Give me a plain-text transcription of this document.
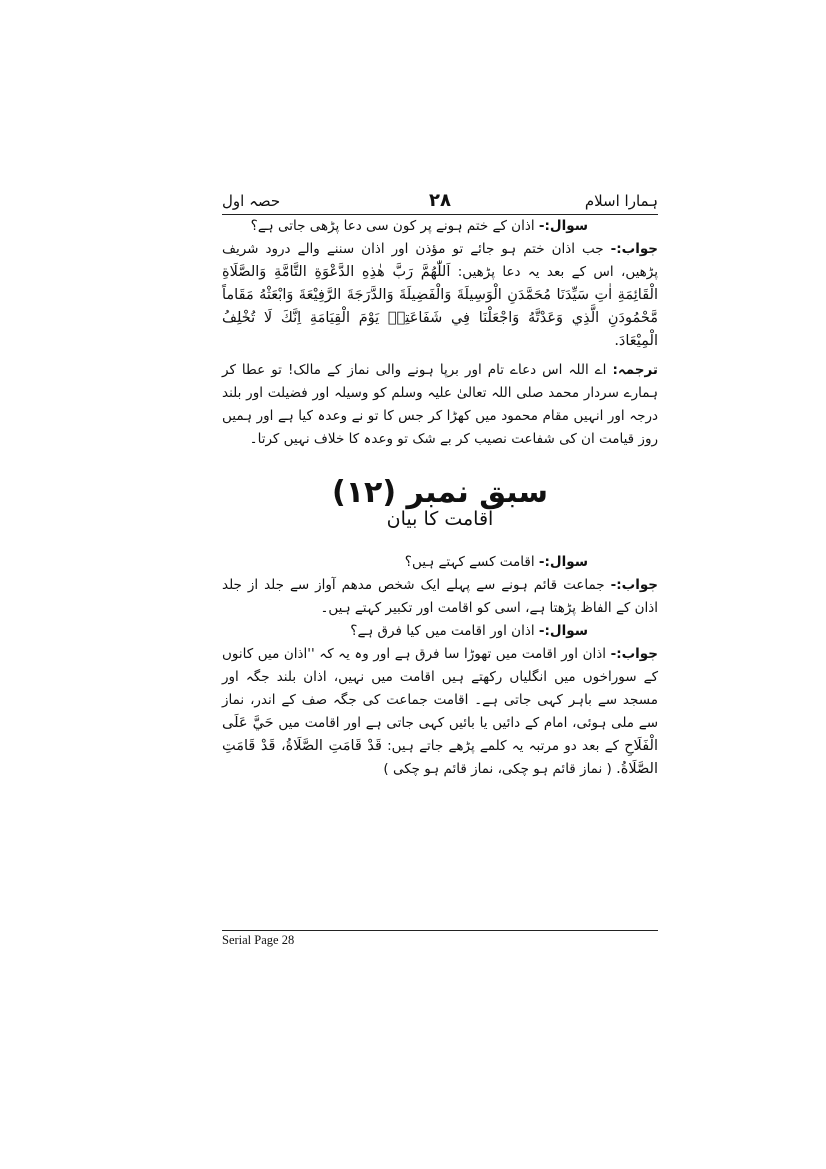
ہمارا اسلام
۲۸
حصہ اول

سوال:- اذان کے ختم ہونے پر کون سی دعا پڑھی جاتی ہے؟

جواب:- جب اذان ختم ہو جائے تو مؤذن اور اذان سننے والے درود شریف پڑھیں، اس کے بعد یہ دعا پڑھیں: اَللّٰهُمَّ رَبَّ هٰذِهِ الدَّعْوَةِ التَّامَّةِ وَالصَّلَاةِ الْقَائِمَةِ اٰتِ سَيِّدَنَا مُحَمَّدَنِ الْوَسِيلَةَ وَالْفَضِيلَةَ وَالدَّرَجَةَ الرَّفِيْعَةَ وَابْعَثْهُ مَقَاماً مَّحْمُودَنِ الَّذِي وَعَدْتَّهُ وَاجْعَلْنَا فِي شَفَاعَتِهٖ يَوْمَ الْقِيَامَةِ اِنَّكَ لَا تُخْلِفُ الْمِيْعَادَ.

ترجمہ: اے اللہ اس دعاے تام اور برپا ہونے والی نماز کے مالک! تو عطا کر ہمارے سردار محمد صلی اللہ تعالیٰ علیہ وسلم کو وسیلہ اور فضیلت اور بلند درجہ اور انہیں مقام محمود میں کھڑا کر جس کا تو نے وعدہ کیا ہے اور ہمیں روز قیامت ان کی شفاعت نصیب کر بے شک تو وعدہ کا خلاف نہیں کرتا۔

سبق نمبر (۱۲)
اقامت کا بیان

سوال:- اقامت کسے کہتے ہیں؟

جواب:- جماعت قائم ہونے سے پہلے ایک شخص مدھم آواز سے جلد از جلد اذان کے الفاظ پڑھتا ہے، اسی کو اقامت اور تکبیر کہتے ہیں۔

سوال:- اذان اور اقامت میں کیا فرق ہے؟

جواب:- اذان اور اقامت میں تھوڑا سا فرق ہے اور وہ یہ کہ ''اذان میں کانوں کے سوراخوں میں انگلیاں رکھتے ہیں اقامت میں نہیں، اذان بلند جگہ اور مسجد سے باہر کہی جاتی ہے۔ اقامت جماعت کی جگہ صف کے اندر، نماز سے ملی ہوئی، امام کے دائیں یا بائیں کہی جاتی ہے اور اقامت میں حَيَّ عَلَى الْفَلَاحِ کے بعد دو مرتبہ یہ کلمے پڑھے جاتے ہیں: قَدْ قَامَتِ الصَّلَاةُ، قَدْ قَامَتِ الصَّلَاةُ. ( نماز قائم ہو چکی، نماز قائم ہو چکی )

Serial Page 28
